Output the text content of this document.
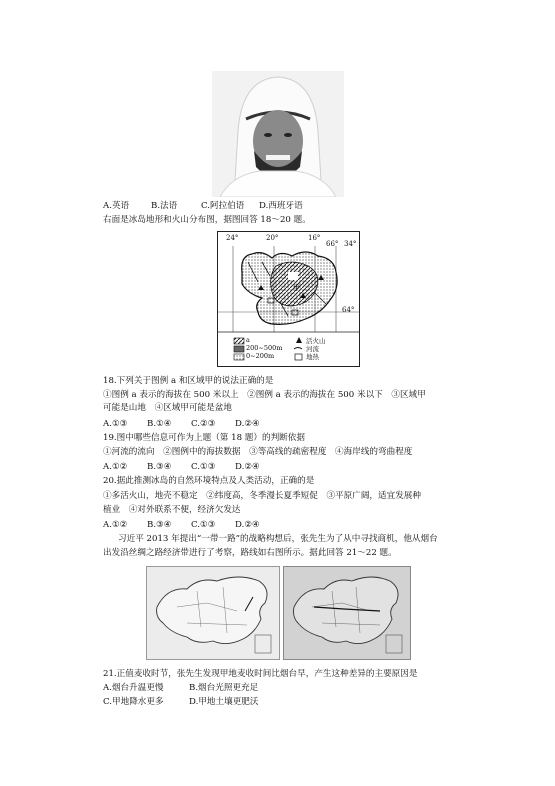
A.英语	B.法语	C.阿拉伯语 D.西班牙语
右面是冰岛地形和火山分布图，据图回答 18～20 题。
甲
24°	20°	16°
66° 34°
64°
a
200~500m
0~200m
活火山
河流
地热
18.下列关于图例 a 和区域甲的说法正确的是
①图例 a 表示的海拔在 500 米以上　②图例 a 表示的海拔在 500 米以下　③区域甲
可能是山地　④区域甲可能是盆地
A.①③ B.①④ C.②③ D.②④
19.图中哪些信息可作为上题（第 18 题）的判断依据
①河流的流向　②图例中的海拔数据　③等高线的疏密程度　④海岸线的弯曲程度
A.①② B.③④ C.①③ D.②④
20.据此推测冰岛的自然环境特点及人类活动，正确的是
①多活火山，地壳不稳定　②纬度高，冬季漫长夏季短促　③平原广阔，适宜发展种
植业　④对外联系不便，经济欠发达
A.①② B.③④ C.①③ D.②④
习近平 2013 年提出“一带一路”的战略构想后，张先生为了从中寻找商机，他从烟台
出发沿丝绸之路经济带进行了考察，路线如右图所示。据此回答 21～22 题。
21.正值麦收时节，张先生发现甲地麦收时间比烟台早，产生这种差异的主要原因是
A.烟台升温更慢	B.烟台光照更充足
C.甲地降水更多	D.甲地土壤更肥沃
